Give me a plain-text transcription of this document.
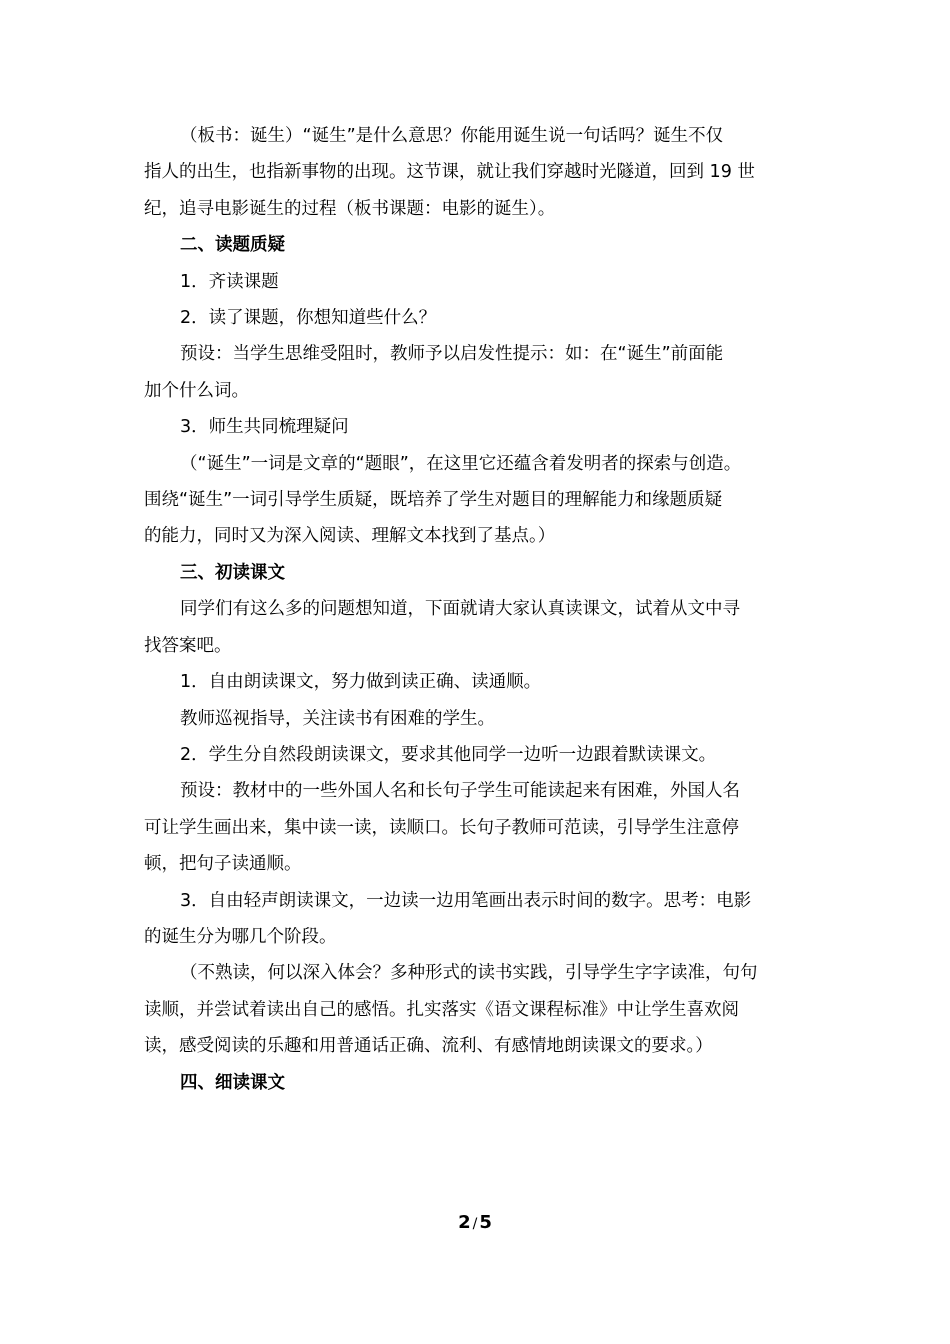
（板书：诞生）“诞生”是什么意思？你能用诞生说一句话吗？诞生不仅

指人的出生，也指新事物的出现。这节课，就让我们穿越时光隧道，回到 19 世

纪，追寻电影诞生的过程（板书课题：电影的诞生）。

二、读题质疑

1．齐读课题

2．读了课题，你想知道些什么？

预设：当学生思维受阻时，教师予以启发性提示：如：在“诞生”前面能

加个什么词。

3．师生共同梳理疑问

（“诞生”一词是文章的“题眼”，在这里它还蕴含着发明者的探索与创造。

围绕“诞生”一词引导学生质疑，既培养了学生对题目的理解能力和缘题质疑

的能力，同时又为深入阅读、理解文本找到了基点。）

三、初读课文

同学们有这么多的问题想知道，下面就请大家认真读课文，试着从文中寻

找答案吧。

1．自由朗读课文，努力做到读正确、读通顺。

教师巡视指导，关注读书有困难的学生。

2．学生分自然段朗读课文，要求其他同学一边听一边跟着默读课文。

预设：教材中的一些外国人名和长句子学生可能读起来有困难，外国人名

可让学生画出来，集中读一读，读顺口。长句子教师可范读，引导学生注意停

顿，把句子读通顺。

3．自由轻声朗读课文，一边读一边用笔画出表示时间的数字。思考：电影

的诞生分为哪几个阶段。

（不熟读，何以深入体会？多种形式的读书实践，引导学生字字读准，句句

读顺，并尝试着读出自己的感悟。扎实落实《语文课程标准》中让学生喜欢阅

读，感受阅读的乐趣和用普通话正确、流利、有感情地朗读课文的要求。）

四、细读课文

2 / 5
